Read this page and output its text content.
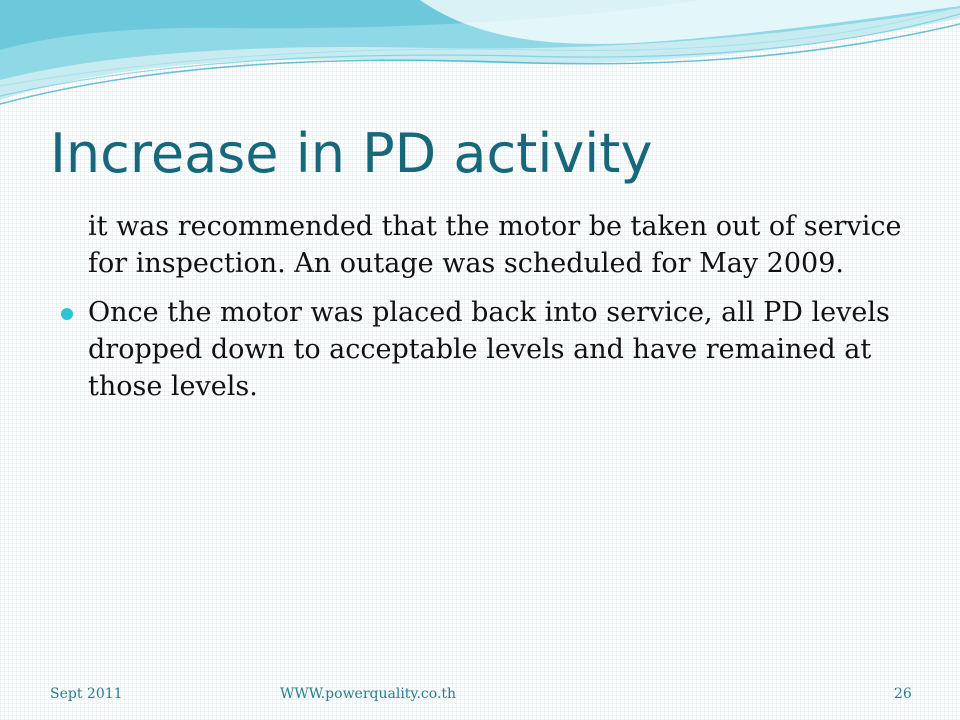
Increase in PD activity

it was recommended that the motor be taken out of service for inspection. An outage was scheduled for May 2009.

Once the motor was placed back into service, all PD levels dropped down to acceptable levels and have remained at those levels.
Sept 2011	WWW.powerquality.co.th	26
